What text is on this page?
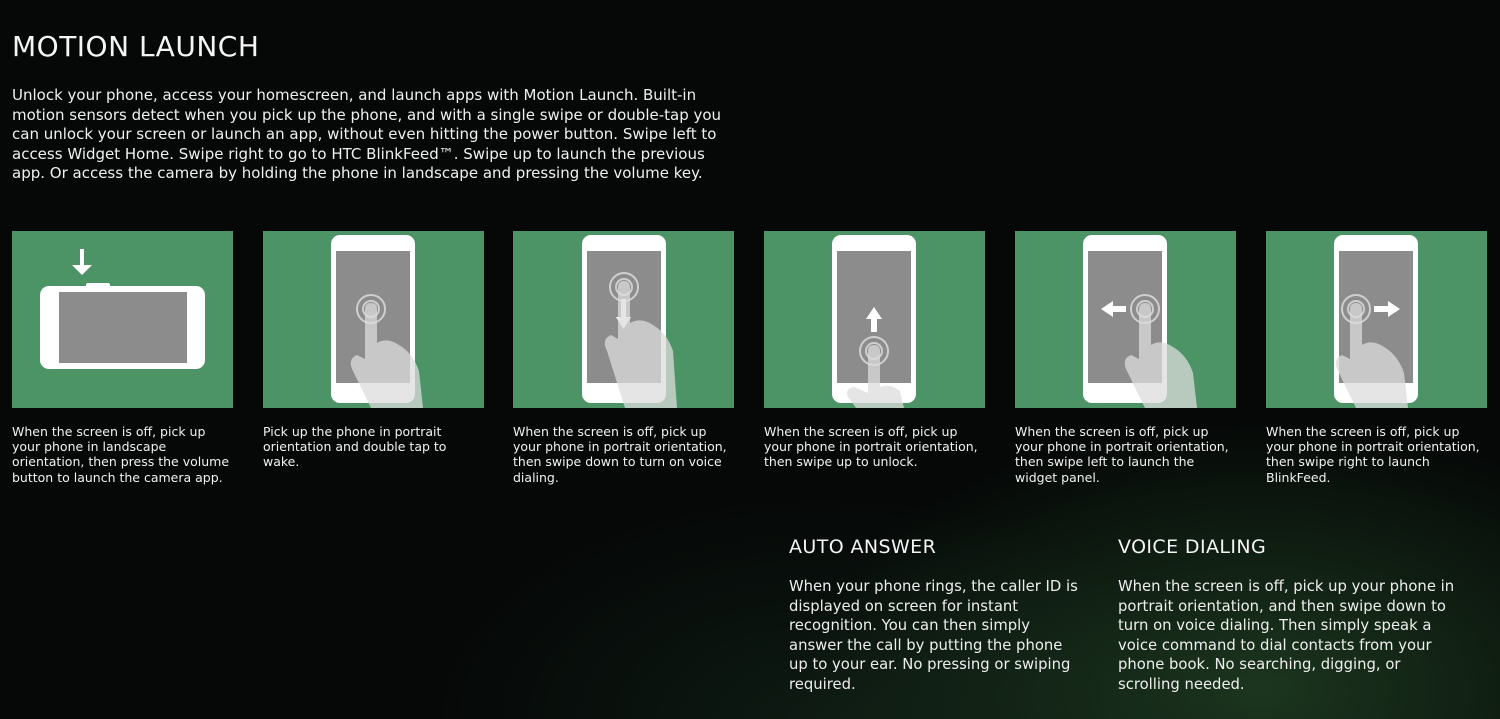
MOTION LAUNCH

Unlock your phone, access your homescreen, and launch apps with Motion Launch. Built-in motion sensors detect when you pick up the phone, and with a single swipe or double-tap you can unlock your screen or launch an app, without even hitting the power button. Swipe left to access Widget Home. Swipe right to go to HTC BlinkFeed™. Swipe up to launch the previous app. Or access the camera by holding the phone in landscape and pressing the volume key.

When the screen is off, pick up your phone in landscape orientation, then press the volume button to launch the camera app.
Pick up the phone in portrait orientation and double tap to wake.
When the screen is off, pick up your phone in portrait orientation, then swipe down to turn on voice dialing.
When the screen is off, pick up your phone in portrait orientation, then swipe up to unlock.
When the screen is off, pick up your phone in portrait orientation, then swipe left to launch the widget panel.
When the screen is off, pick up your phone in portrait orientation, then swipe right to launch BlinkFeed.
AUTO ANSWER

When your phone rings, the caller ID is displayed on screen for instant recognition. You can then simply answer the call by putting the phone up to your ear. No pressing or swiping required.

VOICE DIALING

When the screen is off, pick up your phone in portrait orientation, and then swipe down to turn on voice dialing. Then simply speak a voice command to dial contacts from your phone book. No searching, digging, or scrolling needed.
